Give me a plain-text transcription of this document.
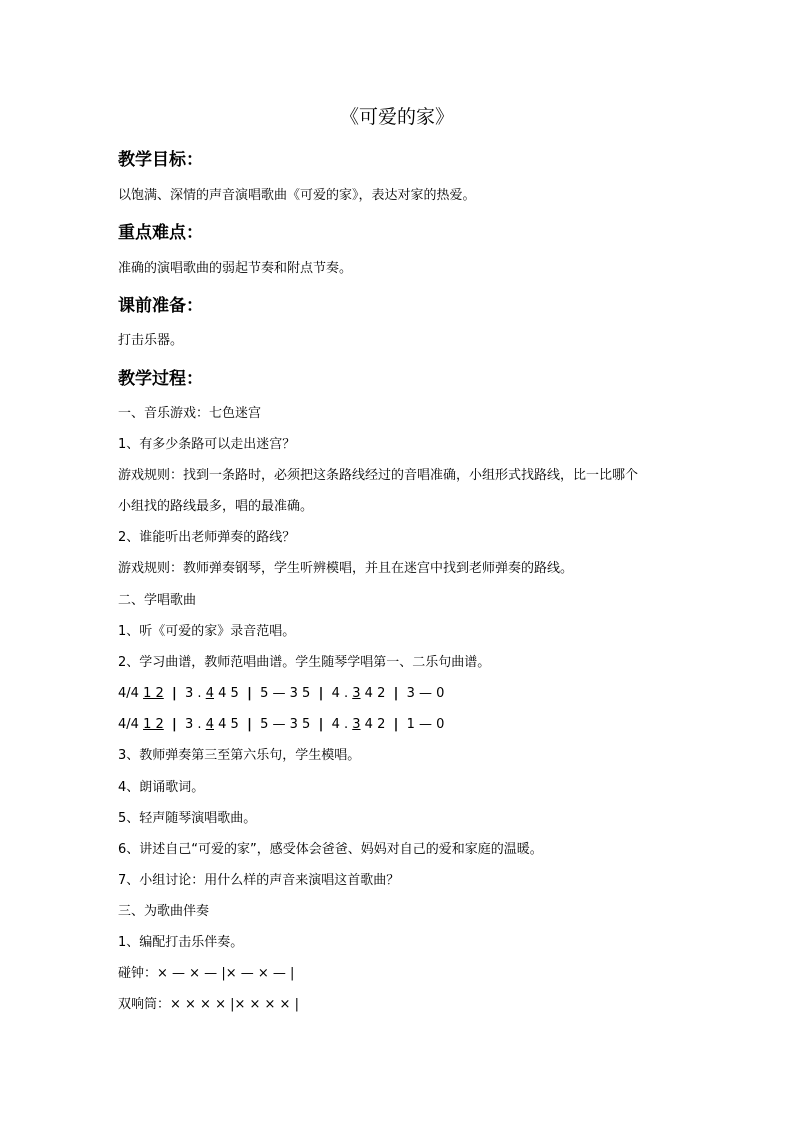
《可爱的家》
教学目标：
以饱满、深情的声音演唱歌曲《可爱的家》，表达对家的热爱。
重点难点：
准确的演唱歌曲的弱起节奏和附点节奏。
课前准备：
打击乐器。
教学过程：
一、音乐游戏：七色迷宫
1、有多少条路可以走出迷宫？
游戏规则：找到一条路时，必须把这条路线经过的音唱准确，小组形式找路线，比一比哪个
小组找的路线最多，唱的最准确。
2、谁能听出老师弹奏的路线？
游戏规则：教师弹奏钢琴，学生听辨模唱，并且在迷宫中找到老师弹奏的路线。
二、学唱歌曲
1、听《可爱的家》录音范唱。
2、学习曲谱，教师范唱曲谱。学生随琴学唱第一、二乐句曲谱。
4/4 1 2 | 3 . 4 4 5 | 5 — 3 5 | 4 . 3 4 2 | 3 — 0
4/4 1 2 | 3 . 4 4 5 | 5 — 3 5 | 4 . 3 4 2 | 1 — 0
3、教师弹奏第三至第六乐句，学生模唱。
4、朗诵歌词。
5、轻声随琴演唱歌曲。
6、讲述自己“可爱的家”，感受体会爸爸、妈妈对自己的爱和家庭的温暖。
7、小组讨论：用什么样的声音来演唱这首歌曲？
三、为歌曲伴奏
1、编配打击乐伴奏。
碰钟：× — × — |× — × — |
双响筒：× × × × |× × × × |
